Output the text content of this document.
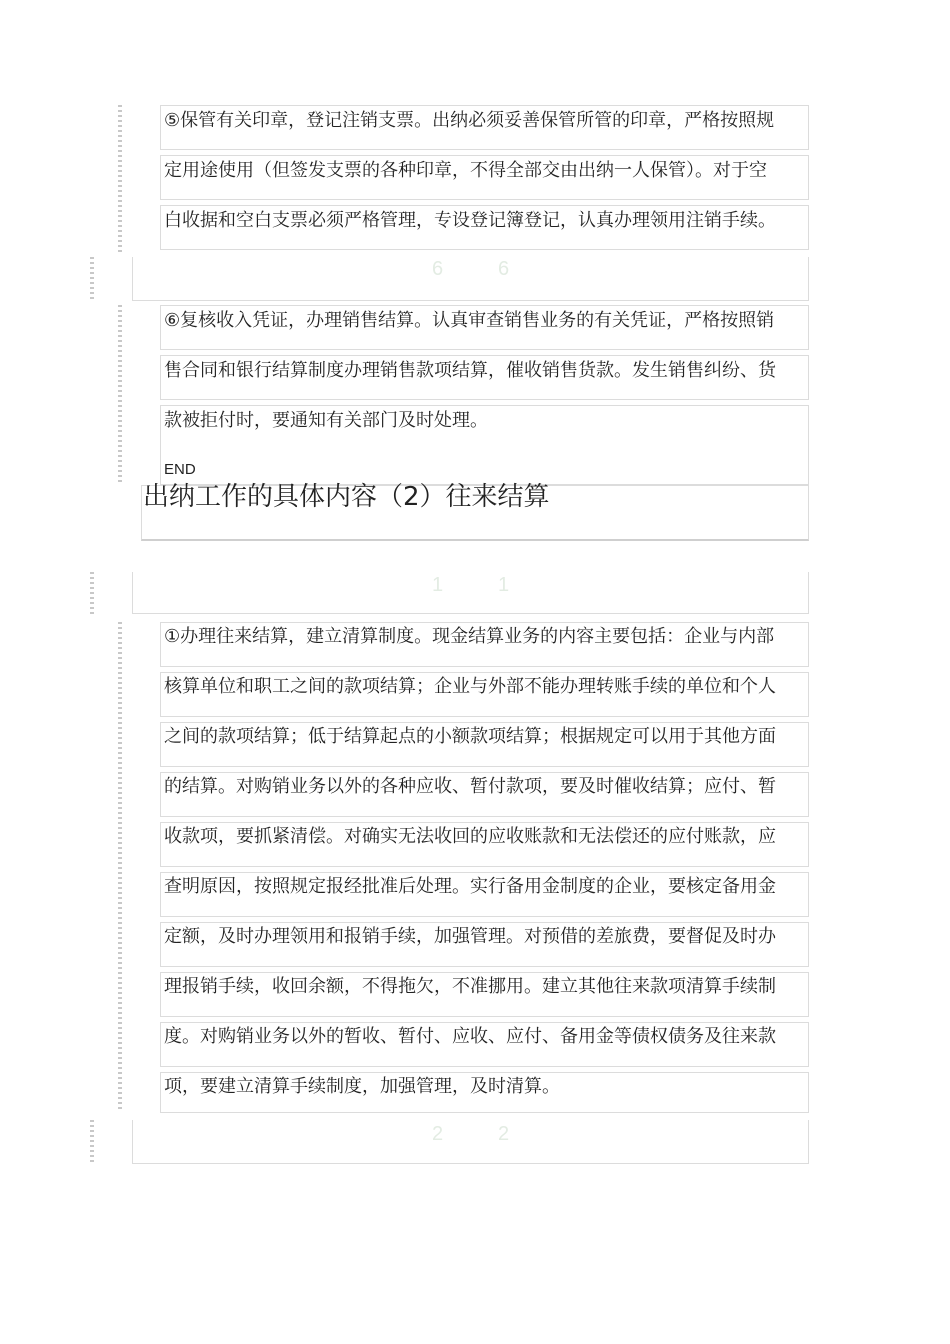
⑤保管有关印章，登记注销支票。出纳必须妥善保管所管的印章，严格按照规
定用途使用（但签发支票的各种印章，不得全部交由出纳一人保管）。对于空
白收据和空白支票必须严格管理，专设登记簿登记，认真办理领用注销手续。
6	6
⑥复核收入凭证，办理销售结算。认真审查销售业务的有关凭证，严格按照销
售合同和银行结算制度办理销售款项结算，催收销售货款。发生销售纠纷、货
款被拒付时，要通知有关部门及时处理。
END
出纳工作的具体内容（2）往来结算
1	1
①办理往来结算，建立清算制度。现金结算业务的内容主要包括：企业与内部
核算单位和职工之间的款项结算；企业与外部不能办理转账手续的单位和个人
之间的款项结算；低于结算起点的小额款项结算；根据规定可以用于其他方面
的结算。对购销业务以外的各种应收、暂付款项，要及时催收结算；应付、暂
收款项，要抓紧清偿。对确实无法收回的应收账款和无法偿还的应付账款，应
查明原因，按照规定报经批准后处理。实行备用金制度的企业，要核定备用金
定额，及时办理领用和报销手续，加强管理。对预借的差旅费，要督促及时办
理报销手续，收回余额，不得拖欠，不准挪用。建立其他往来款项清算手续制
度。对购销业务以外的暂收、暂付、应收、应付、备用金等债权债务及往来款
项，要建立清算手续制度，加强管理，及时清算。
2	2
